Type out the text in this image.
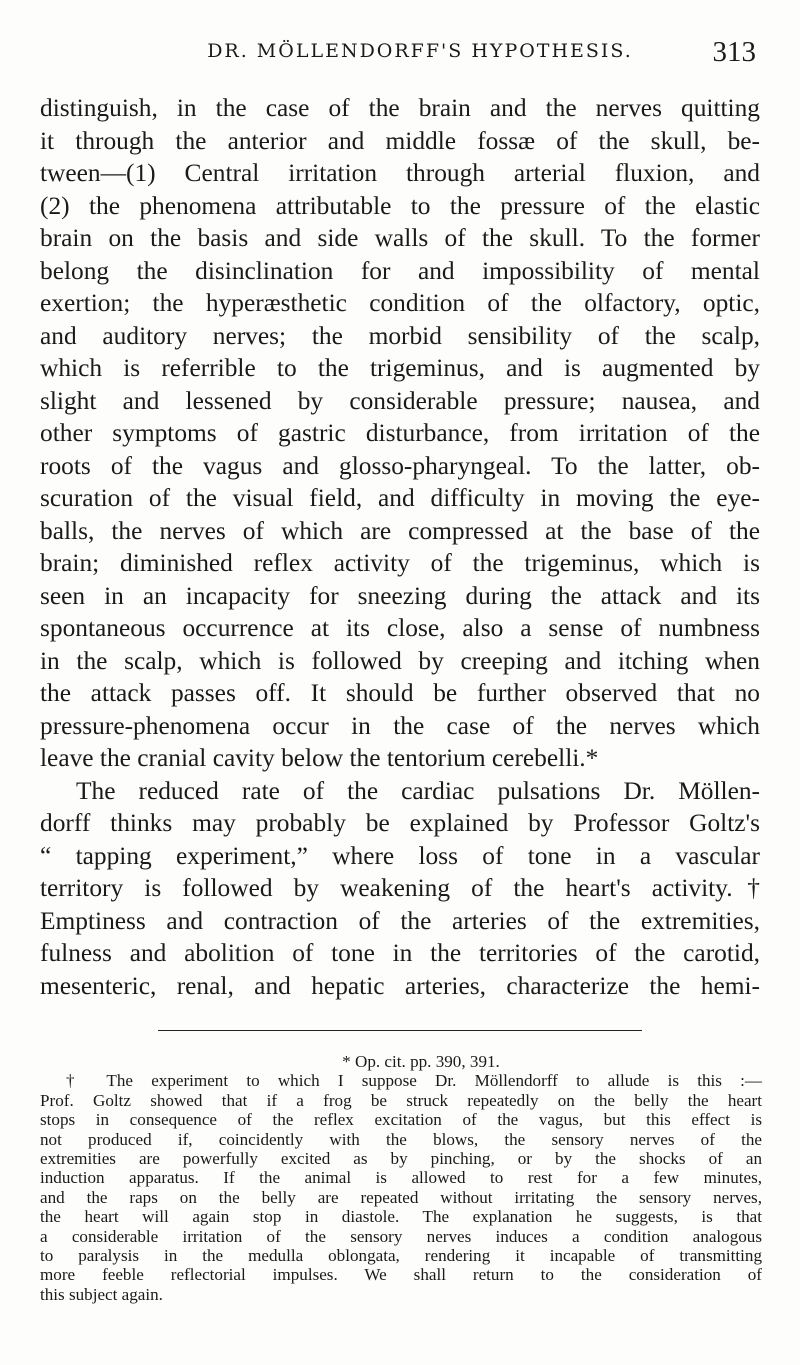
DR. MÖLLENDORFF'S HYPOTHESIS.	313
distinguish, in the case of the brain and the nerves quitting
it through the anterior and middle fossæ of the skull, be-
tween—(1) Central irritation through arterial fluxion, and
(2) the phenomena attributable to the pressure of the elastic
brain on the basis and side walls of the skull. To the former
belong the disinclination for and impossibility of mental
exertion; the hyperæsthetic condition of the olfactory, optic,
and auditory nerves; the morbid sensibility of the scalp,
which is referrible to the trigeminus, and is augmented by
slight and lessened by considerable pressure; nausea, and
other symptoms of gastric disturbance, from irritation of the
roots of the vagus and glosso-pharyngeal. To the latter, ob-
scuration of the visual field, and difficulty in moving the eye-
balls, the nerves of which are compressed at the base of the
brain; diminished reflex activity of the trigeminus, which is
seen in an incapacity for sneezing during the attack and its
spontaneous occurrence at its close, also a sense of numbness
in the scalp, which is followed by creeping and itching when
the attack passes off. It should be further observed that no
pressure-phenomena occur in the case of the nerves which
leave the cranial cavity below the tentorium cerebelli.*
The reduced rate of the cardiac pulsations Dr. Möllen-
dorff thinks may probably be explained by Professor Goltz's
“ tapping experiment,” where loss of tone in a vascular
territory is followed by weakening of the heart's activity.†
Emptiness and contraction of the arteries of the extremities,
fulness and abolition of tone in the territories of the carotid,
mesenteric, renal, and hepatic arteries, characterize the hemi-
* Op. cit. pp. 390, 391.
† The experiment to which I suppose Dr. Möllendorff to allude is this :—
Prof. Goltz showed that if a frog be struck repeatedly on the belly the heart
stops in consequence of the reflex excitation of the vagus, but this effect is
not produced if, coincidently with the blows, the sensory nerves of the
extremities are powerfully excited as by pinching, or by the shocks of an
induction apparatus. If the animal is allowed to rest for a few minutes,
and the raps on the belly are repeated without irritating the sensory nerves,
the heart will again stop in diastole. The explanation he suggests, is that
a considerable irritation of the sensory nerves induces a condition analogous
to paralysis in the medulla oblongata, rendering it incapable of transmitting
more feeble reflectorial impulses. We shall return to the consideration of
this subject again.
